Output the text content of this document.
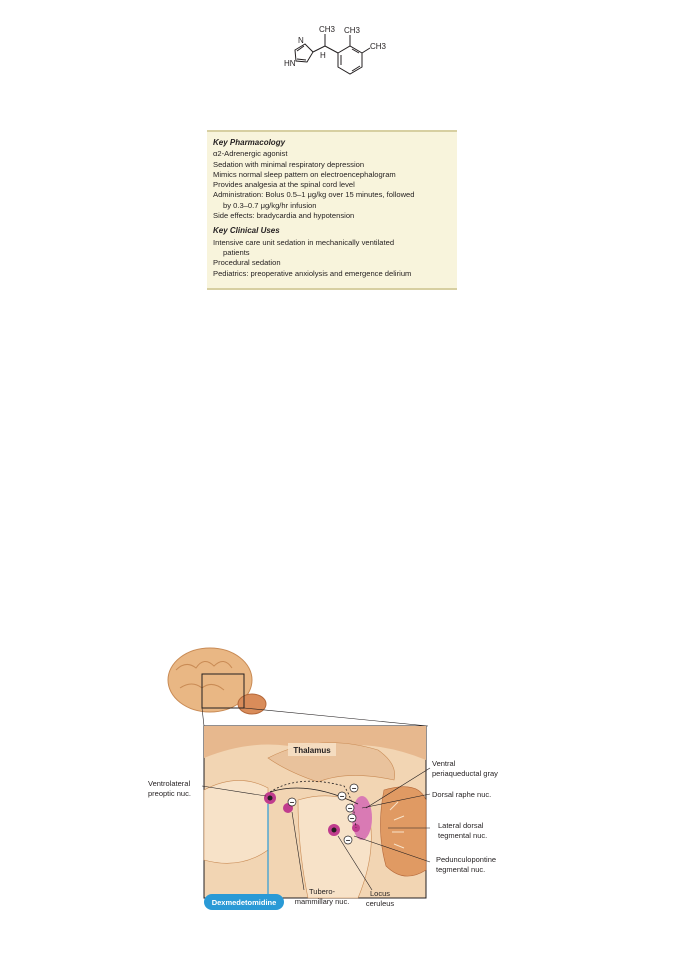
CH3 CH3
CH3
H
N
HN

Key Pharmacology

α2-Adrenergic agonist

Sedation with minimal respiratory depression

Mimics normal sleep pattern on electroencephalogram

Provides analgesia at the spinal cord level

Administration: Bolus 0.5–1 μg/kg over 15 minutes, followed

by 0.3–0.7 μg/kg/hr infusion

Side effects: bradycardia and hypotension

Key Clinical Uses

Intensive care unit sedation in mechanically ventilated

patients

Procedural sedation

Pediatrics: preoperative anxiolysis and emergence delirium

−
−
−
−
−
−
Thalamus
Ventrolateral
preoptic nuc.
Ventral
periaqueductal gray
Dorsal raphe nuc.
Lateral dorsal
tegmental nuc.
Pedunculopontine
tegmental nuc.
Tubero-
mammillary nuc.
Locus
ceruleus
Dexmedetomidine
